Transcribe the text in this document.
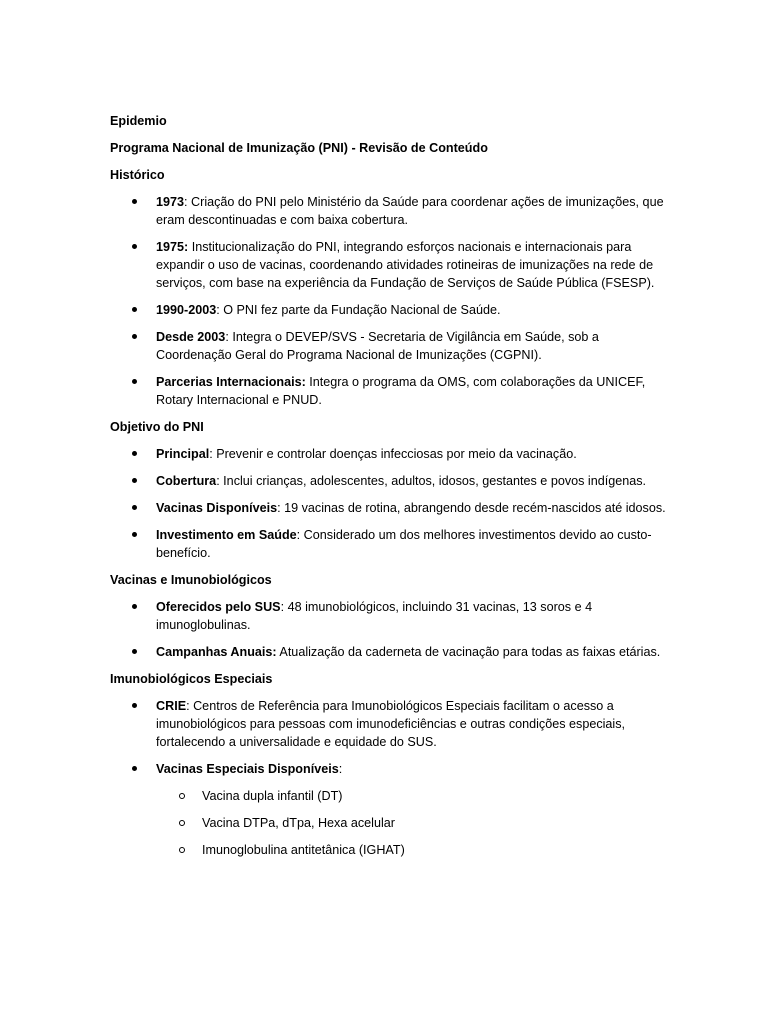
Epidemio
Programa Nacional de Imunização (PNI) - Revisão de Conteúdo
Histórico
1973: Criação do PNI pelo Ministério da Saúde para coordenar ações de imunizações, que eram descontinuadas e com baixa cobertura.
1975: Institucionalização do PNI, integrando esforços nacionais e internacionais para expandir o uso de vacinas, coordenando atividades rotineiras de imunizações na rede de serviços, com base na experiência da Fundação de Serviços de Saúde Pública (FSESP).
1990-2003: O PNI fez parte da Fundação Nacional de Saúde.
Desde 2003: Integra o DEVEP/SVS - Secretaria de Vigilância em Saúde, sob a Coordenação Geral do Programa Nacional de Imunizações (CGPNI).
Parcerias Internacionais: Integra o programa da OMS, com colaborações da UNICEF, Rotary Internacional e PNUD.
Objetivo do PNI
Principal: Prevenir e controlar doenças infecciosas por meio da vacinação.
Cobertura: Inclui crianças, adolescentes, adultos, idosos, gestantes e povos indígenas.
Vacinas Disponíveis: 19 vacinas de rotina, abrangendo desde recém-nascidos até idosos.
Investimento em Saúde: Considerado um dos melhores investimentos devido ao custo-benefício.
Vacinas e Imunobiológicos
Oferecidos pelo SUS: 48 imunobiológicos, incluindo 31 vacinas, 13 soros e 4 imunoglobulinas.
Campanhas Anuais: Atualização da caderneta de vacinação para todas as faixas etárias.
Imunobiológicos Especiais
CRIE: Centros de Referência para Imunobiológicos Especiais facilitam o acesso a imunobiológicos para pessoas com imunodeficiências e outras condições especiais, fortalecendo a universalidade e equidade do SUS.
Vacinas Especiais Disponíveis:
Vacina dupla infantil (DT)
Vacina DTPa, dTpa, Hexa acelular
Imunoglobulina antitetânica (IGHAT)
